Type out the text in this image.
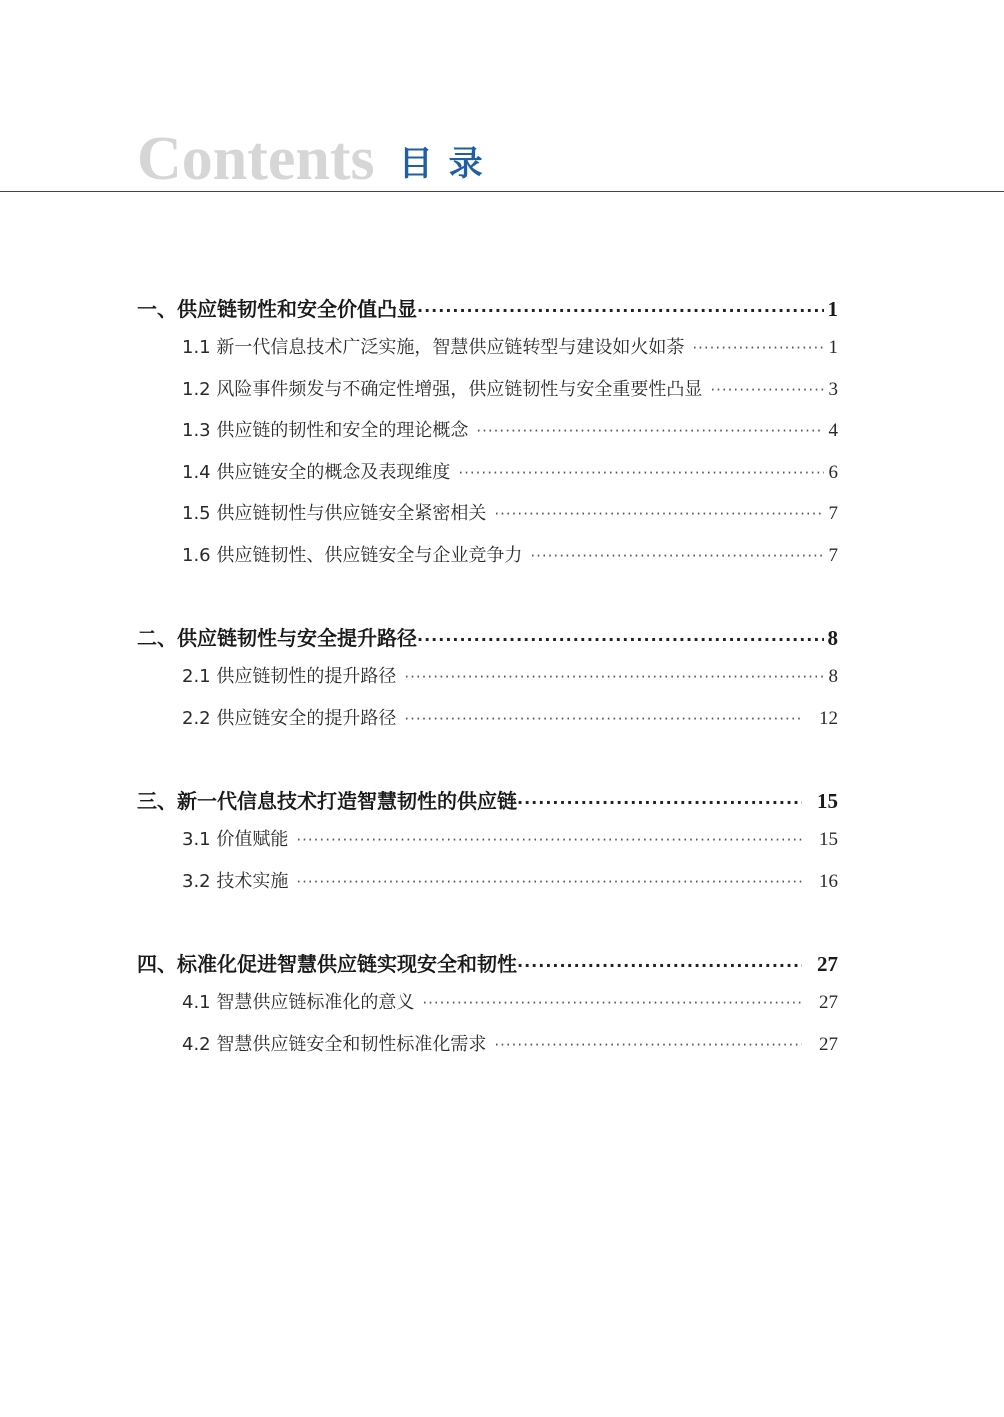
Contents 目录
一、供应链韧性和安全价值凸显 ·····	1
1.1 新一代信息技术广泛实施，智慧供应链转型与建设如火如荼 ·····	1
1.2 风险事件频发与不确定性增强，供应链韧性与安全重要性凸显 ·····	3
1.3 供应链的韧性和安全的理论概念 ·····	4
1.4 供应链安全的概念及表现维度 ·····	6
1.5 供应链韧性与供应链安全紧密相关 ·····	7
1.6 供应链韧性、供应链安全与企业竞争力 ·····	7
二、供应链韧性与安全提升路径 ·····	8
2.1 供应链韧性的提升路径 ·····	8
2.2 供应链安全的提升路径 ·····	12
三、新一代信息技术打造智慧韧性的供应链 ·····	15
3.1 价值赋能 ·····	15
3.2 技术实施 ·····	16
四、标准化促进智慧供应链实现安全和韧性 ·····	27
4.1 智慧供应链标准化的意义 ·····	27
4.2 智慧供应链安全和韧性标准化需求 ·····	27
